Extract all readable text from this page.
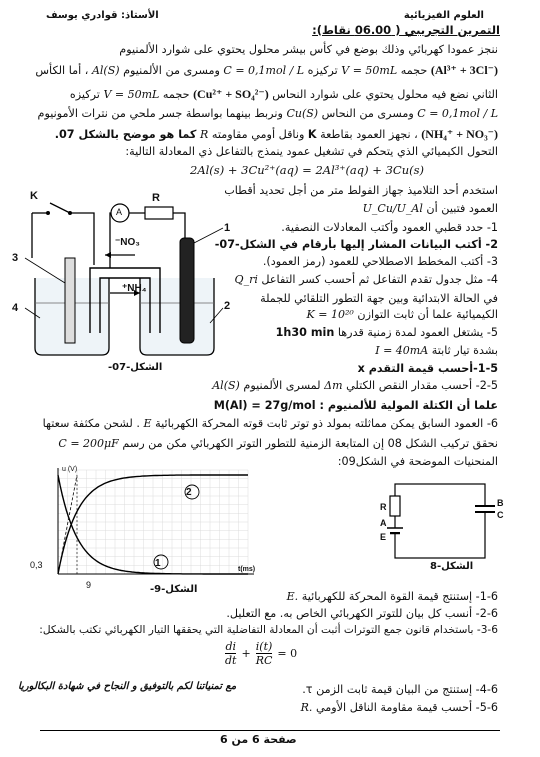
العلوم الفيزيائية
الأستاذ: قوادري يوسف
التمرين التجريبي ( 06.00 نقاط):
ننجز عمودا كهربائي وذلك بوضع في كأس بيشر محلول يحتوي على شوارد الألمنيوم
(Al³⁺ + 3Cl⁻) حجمه V = 50mL تركيزه C = 0,1mol / L ومسرى من الألمنيوم Al(S) ، أما الكأس
الثاني نضع فيه محلول يحتوي على شوارد النحاس (Cu²⁺ + SO₄²⁻) حجمه V = 50mL تركيزه
C = 0,1mol / L ومسرى من النحاس Cu(S) ونربط بينهما بواسطة جسر ملحي من نترات الأمونيوم
(NH₄⁺ + NO₃⁻) ، نجهز العمود بقاطعة K وناقل أومي مقاومته R كما هو موضح بالشكل 07.
التحول الكيميائي الذي يتحكم في تشغيل عمود ينمذج بالتفاعل ذي المعادلة التالية:
2Al(s) + 3Cu²⁺(aq) = 2Al³⁺(aq) + 3Cu(s)
K	R
A
NO₃⁻
NH₄⁺
3
4
1
2
الشكل-07-
استخدم أحد التلاميذ جهاز الفولط متر من أجل تحديد أقطاب
العمود فتبين أن U_Cu/U_Al
1- حدد قطبي العمود وأكتب المعادلات النصفية.
2- أكتب البيانات المشار إليها بأرقام في الشكل-07-
3- أكتب المخطط الاصطلاحي للعمود (رمز العمود).
4- مثل جدول تقدم التفاعل ثم أحسب كسر التفاعل Q_ri
في الحالة الابتدائية وبين جهة التطور التلقائي للجملة
الكيميائية علما أن ثابت التوازن K = 10²⁰
5- يشتغل العمود لمدة زمنية قدرها 1h30 min
بشدة تيار ثابتة I = 40mA
1-5-أحسب قيمة التقدم x
2-5- أحسب مقدار النقص الكتلي Δm لمسرى الألمنيوم Al(S)
علما أن الكتلة المولية للألمنيوم : M(Al) = 27g/mol
6- العمود السابق يمكن مماثلته بمولد ذو توتر ثابت قوته المحركة الكهربائية E . لشحن مكثفة سعتها
نحقق تركيب الشكل 08 إن المتابعة الزمنية للتطور التوتر الكهربائي مكن من رسم C = 200μF
المنحنيات الموضحة في الشكل09:
u (V)
t(ms)
0,3
9
1
2
الشكل-9-
B
C
R
A
E
الشكل-8
1-6- إستنتج قيمة القوة المحركة للكهربائية E.
2-6- أنسب كل بيان للتوتر الكهربائي الخاص به. مع التعليل.
3-6- باستخدام قانون جمع التوترات أثبت أن المعادلة التفاضلية التي يحققها التيار الكهربائي تكتب بالشكل:
di
dt
+
i(t)
RC
= 0
4-6- إستنتج من البيان قيمة ثابت الزمن τ.
5-6- أحسب قيمة مقاومة الناقل الأومي R.
مع تمنياتنا لكم بالتوفيق و النجاح في شهادة البكالوريا
صفحة 6 من 6
